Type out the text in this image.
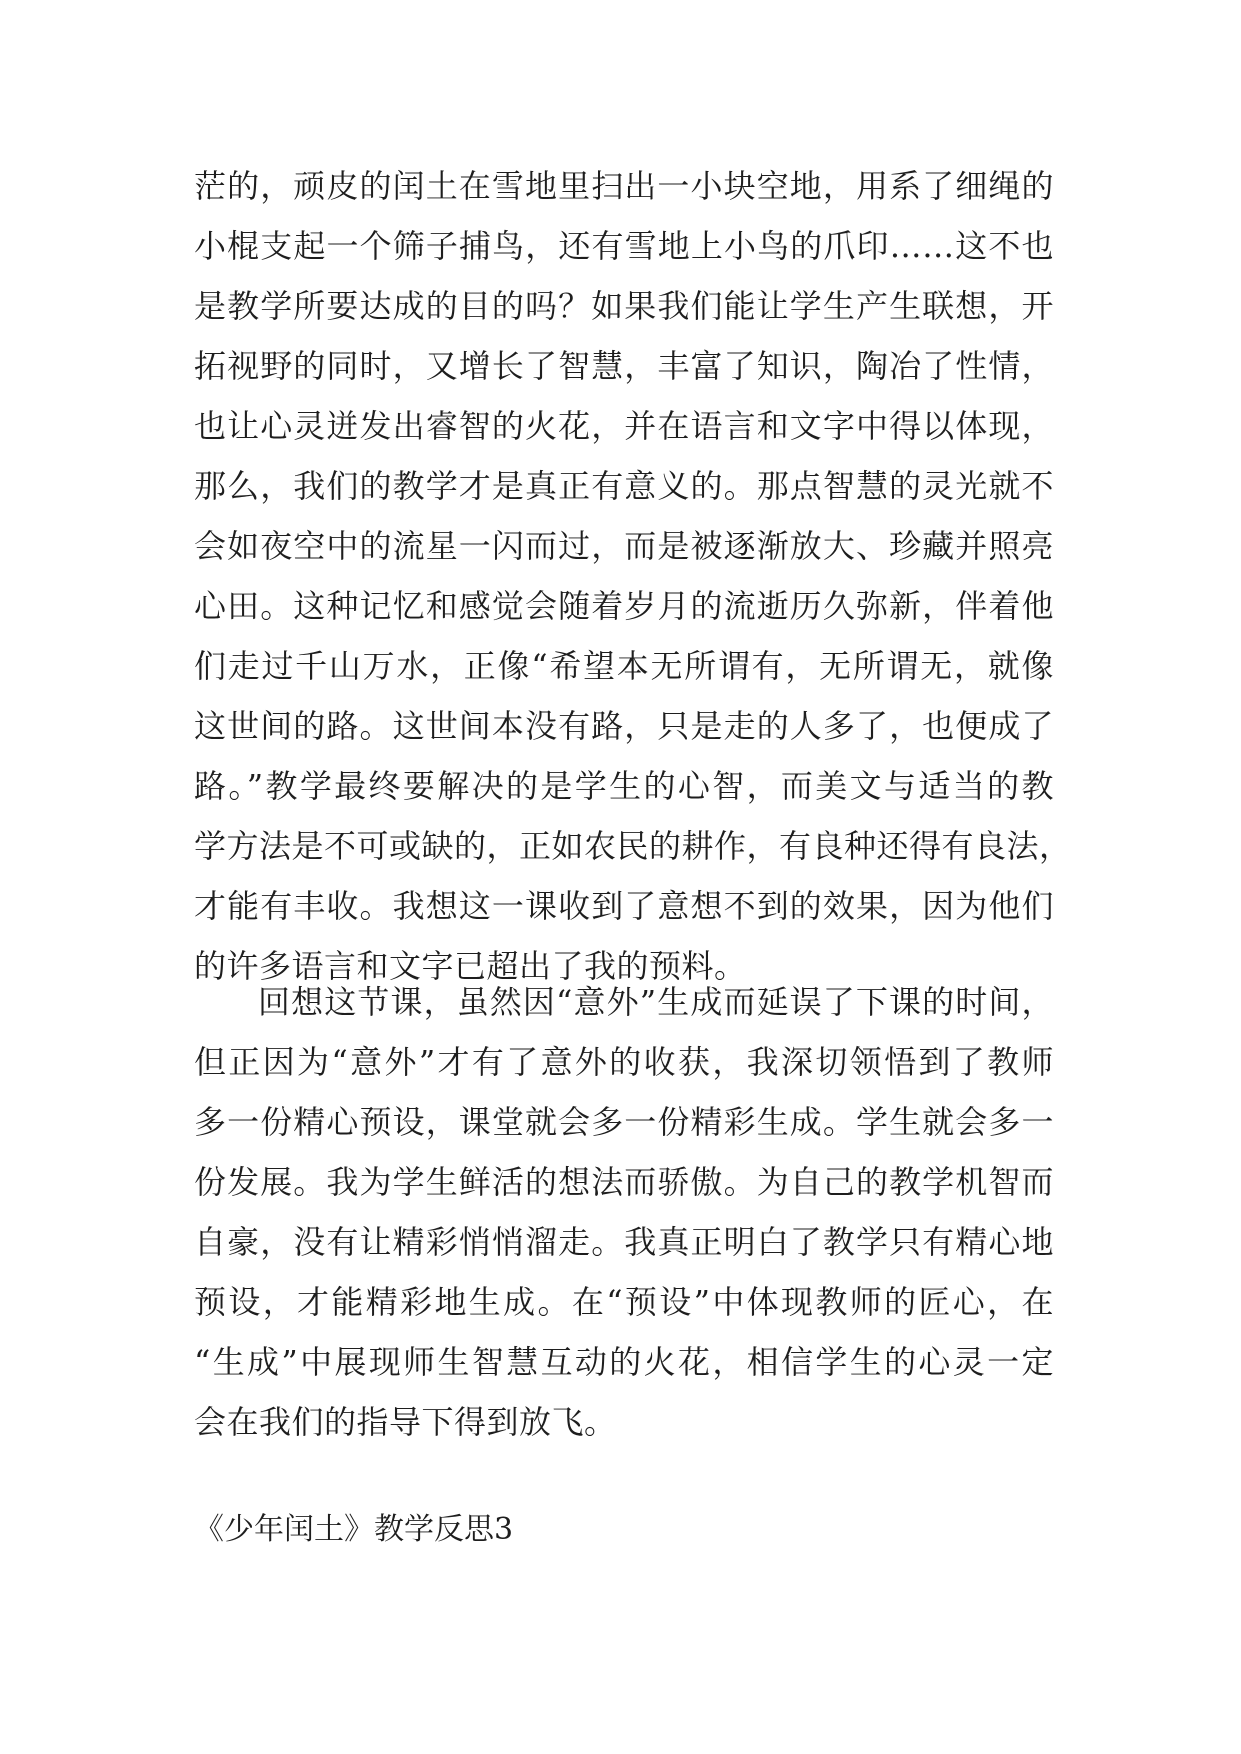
茫的，顽皮的闰土在雪地里扫出一小块空地，用系了细绳的
小棍支起一个筛子捕鸟，还有雪地上小鸟的爪印……这不也
是教学所要达成的目的吗？如果我们能让学生产生联想，开
拓视野的同时，又增长了智慧，丰富了知识，陶冶了性情，
也让心灵迸发出睿智的火花，并在语言和文字中得以体现，
那么，我们的教学才是真正有意义的。那点智慧的灵光就不
会如夜空中的流星一闪而过，而是被逐渐放大、珍藏并照亮
心田。这种记忆和感觉会随着岁月的流逝历久弥新，伴着他
们走过千山万水，正像“希望本无所谓有，无所谓无，就像
这世间的路。这世间本没有路，只是走的人多了，也便成了
路。”教学最终要解决的是学生的心智，而美文与适当的教
学方法是不可或缺的，正如农民的耕作，有良种还得有良法，
才能有丰收。我想这一课收到了意想不到的效果，因为他们
的许多语言和文字已超出了我的预料。
回想这节课，虽然因“意外”生成而延误了下课的时间，
但正因为“意外”才有了意外的收获，我深切领悟到了教师
多一份精心预设，课堂就会多一份精彩生成。学生就会多一
份发展。我为学生鲜活的想法而骄傲。为自己的教学机智而
自豪，没有让精彩悄悄溜走。我真正明白了教学只有精心地
预设，才能精彩地生成。在“预设”中体现教师的匠心，在
“生成”中展现师生智慧互动的火花，相信学生的心灵一定
会在我们的指导下得到放飞。
《少年闰土》教学反思3
